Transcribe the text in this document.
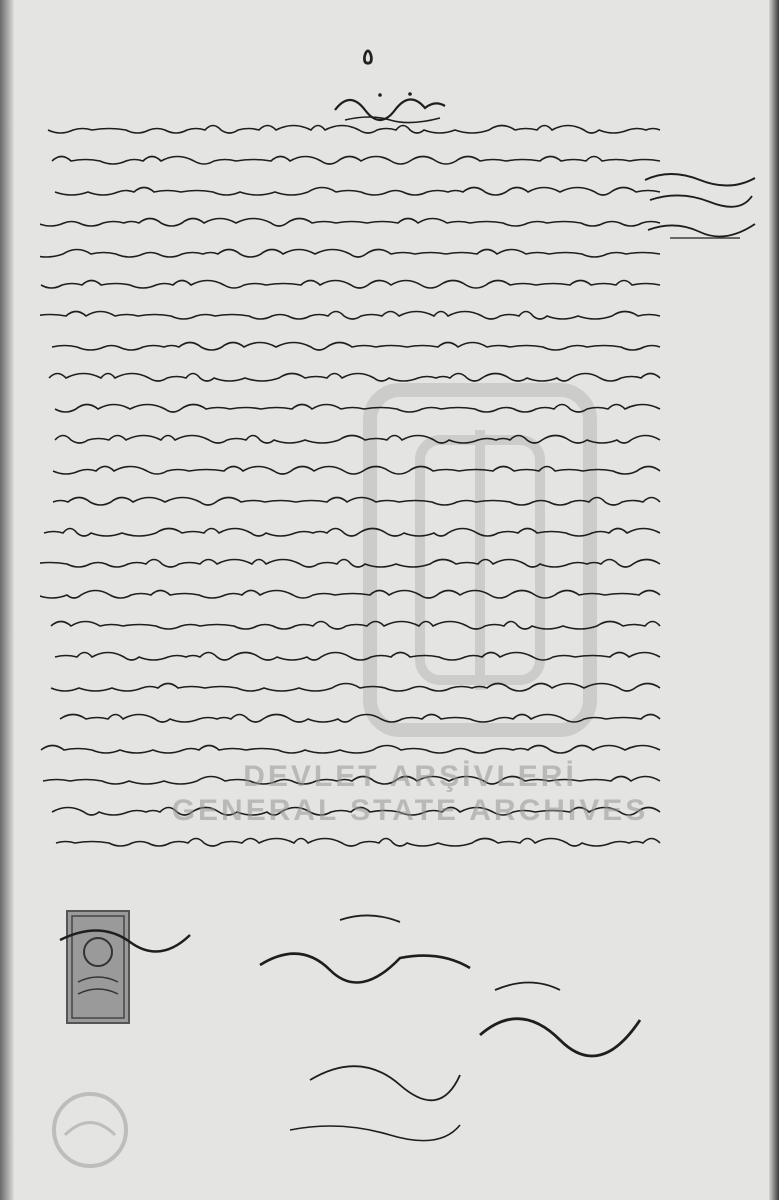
٥
DEVLET ARŞİVLERİ
GENERAL STATE ARCHIVES
